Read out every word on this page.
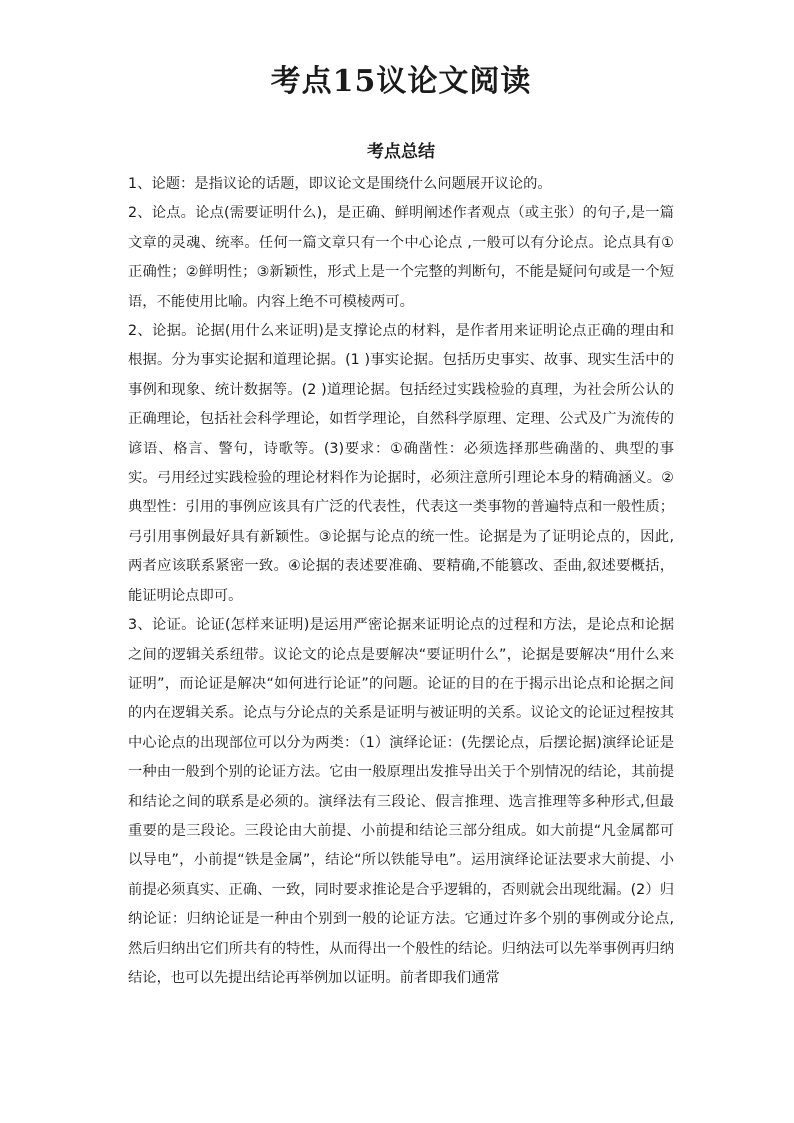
考点15议论文阅读
考点总结

1、论题：是指议论的话题，即议论文是围绕什么问题展开议论的。

2、论点。论点(需要证明什么)，是正确、鲜明阐述作者观点（或主张）的句子,是一篇文章的灵魂、统率。任何一篇文章只有一个中心论点 ,一般可以有分论点。论点具有①正确性；②鲜明性；③新颖性，形式上是一个完整的判断句，不能是疑问句或是一个短语，不能使用比喻。内容上绝不可模棱两可。

2、论据。论据(用什么来证明)是支撑论点的材料，是作者用来证明论点正确的理由和根据。分为事实论据和道理论据。(1 )事实论据。包括历史事实、故事、现实生活中的事例和现象、统计数据等。(2 )道理论据。包括经过实践检验的真理，为社会所公认的正确理论，包括社会科学理论，如哲学理论，自然科学原理、定理、公式及广为流传的谚语、格言、警句，诗歌等。(3)要求：①确凿性：必须选择那些确凿的、典型的事实。弓用经过实践检验的理论材料作为论据时，必须注意所引理论本身的精确涵义。②典型性：引用的事例应该具有广泛的代表性，代表这一类事物的普遍特点和一般性质；弓引用事例最好具有新颖性。③论据与论点的统一性。论据是为了证明论点的，因此,两者应该联系紧密一致。④论据的表述要准确、要精确,不能篡改、歪曲,叙述要概括，能证明论点即可。

3、论证。论证(怎样来证明)是运用严密论据来证明论点的过程和方法，是论点和论据之间的逻辑关系纽带。议论文的论点是要解决“要证明什么”，论据是要解决“用什么来证明”，而论证是解决“如何进行论证”的问题。论证的目的在于揭示出论点和论据之间的内在逻辑关系。论点与分论点的关系是证明与被证明的关系。议论文的论证过程按其中心论点的出现部位可以分为两类：（1）演绎论证：(先摆论点，后摆论据)演绎论证是一种由一般到个别的论证方法。它由一般原理出发推导出关于个别情况的结论，其前提和结论之间的联系是必须的。演绎法有三段论、假言推理、选言推理等多种形式,但最重要的是三段论。三段论由大前提、小前提和结论三部分组成。如大前提“凡金属都可以导电”，小前提“铁是金属”，结论“所以铁能导电”。运用演绎论证法要求大前提、小前提必须真实、正确、一致，同时要求推论是合乎逻辑的，否则就会出现纰漏。(2）归纳论证：归纳论证是一种由个别到一般的论证方法。它通过许多个别的事例或分论点,然后归纳出它们所共有的特性，从而得出一个般性的结论。归纳法可以先举事例再归纳结论，也可以先提出结论再举例加以证明。前者即我们通常
